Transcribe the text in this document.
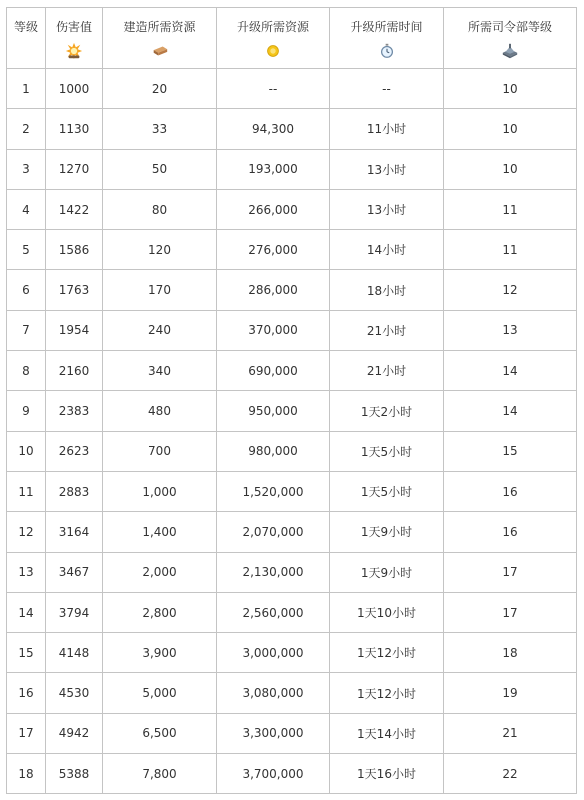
等级	伤害值	建造所需资源	升级所需资源	升级所需时间	所需司令部等级

1	1000	20	--	--	10
2	1130	33	94,300	11小时	10
3	1270	50	193,000	13小时	10
4	1422	80	266,000	13小时	11
5	1586	120	276,000	14小时	11
6	1763	170	286,000	18小时	12
7	1954	240	370,000	21小时	13
8	2160	340	690,000	21小时	14
9	2383	480	950,000	1天2小时	14
10	2623	700	980,000	1天5小时	15
11	2883	1,000	1,520,000	1天5小时	16
12	3164	1,400	2,070,000	1天9小时	16
13	3467	2,000	2,130,000	1天9小时	17
14	3794	2,800	2,560,000	1天10小时	17
15	4148	3,900	3,000,000	1天12小时	18
16	4530	5,000	3,080,000	1天12小时	19
17	4942	6,500	3,300,000	1天14小时	21
18	5388	7,800	3,700,000	1天16小时	22
